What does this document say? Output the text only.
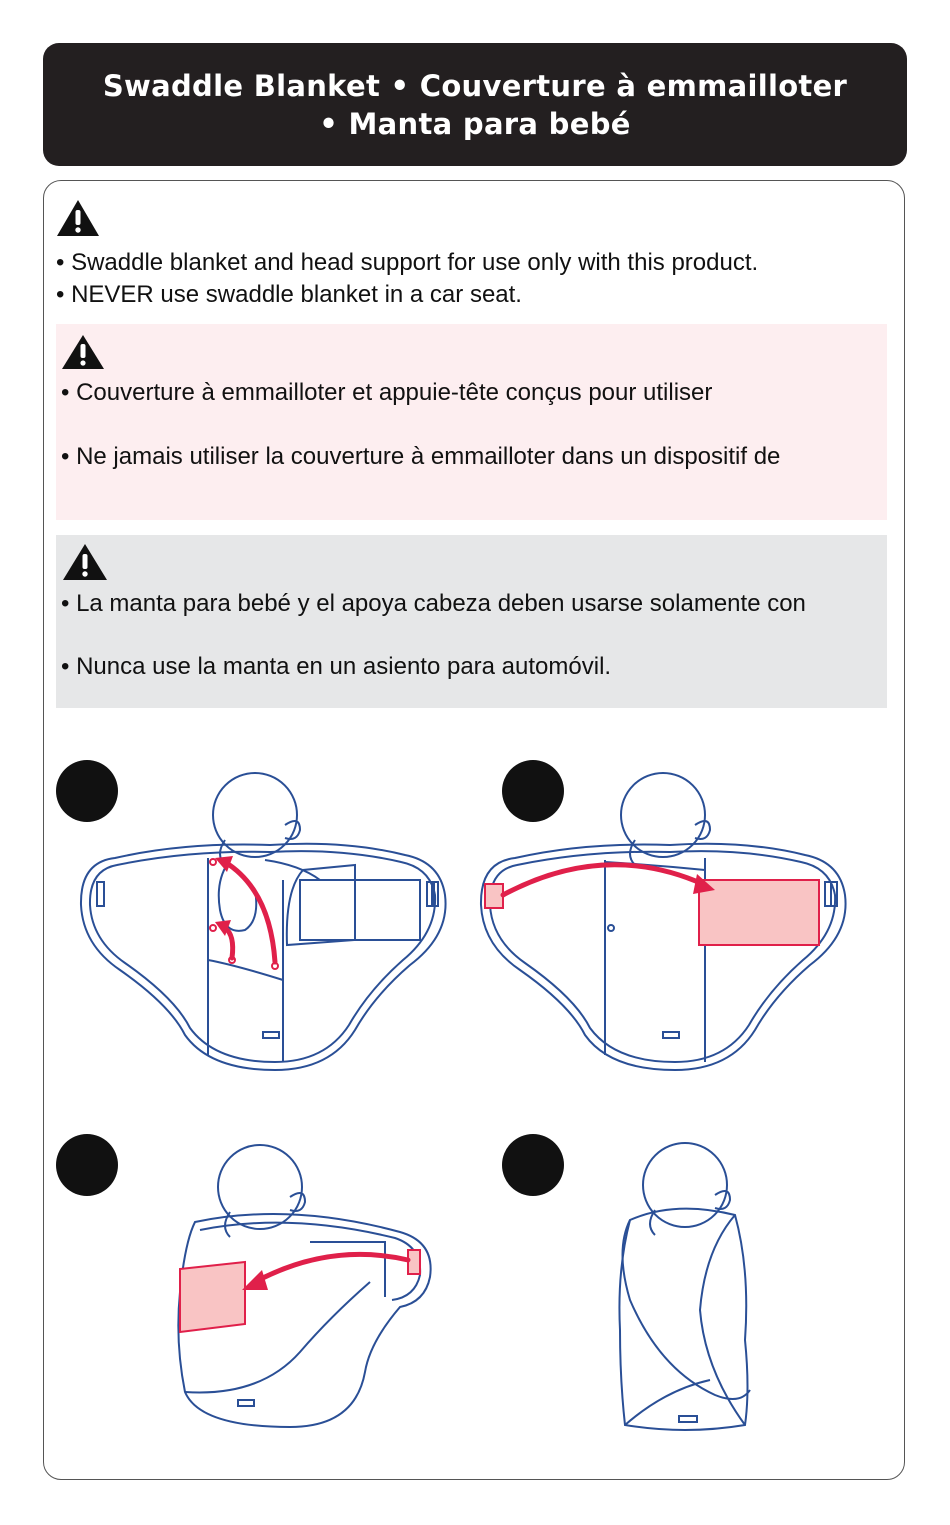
Swaddle Blanket • Couverture à emmailloter
• Manta para bebé
• Swaddle blanket and head support for use only with this product.
• NEVER use swaddle blanket in a car seat.
• Couverture à emmailloter et appuie-tête conçus pour utiliser
• Ne jamais utiliser la couverture à emmailloter dans un dispositif de
• La manta para bebé y el apoya cabeza deben usarse solamente con
• Nunca use la manta en un asiento para automóvil.
